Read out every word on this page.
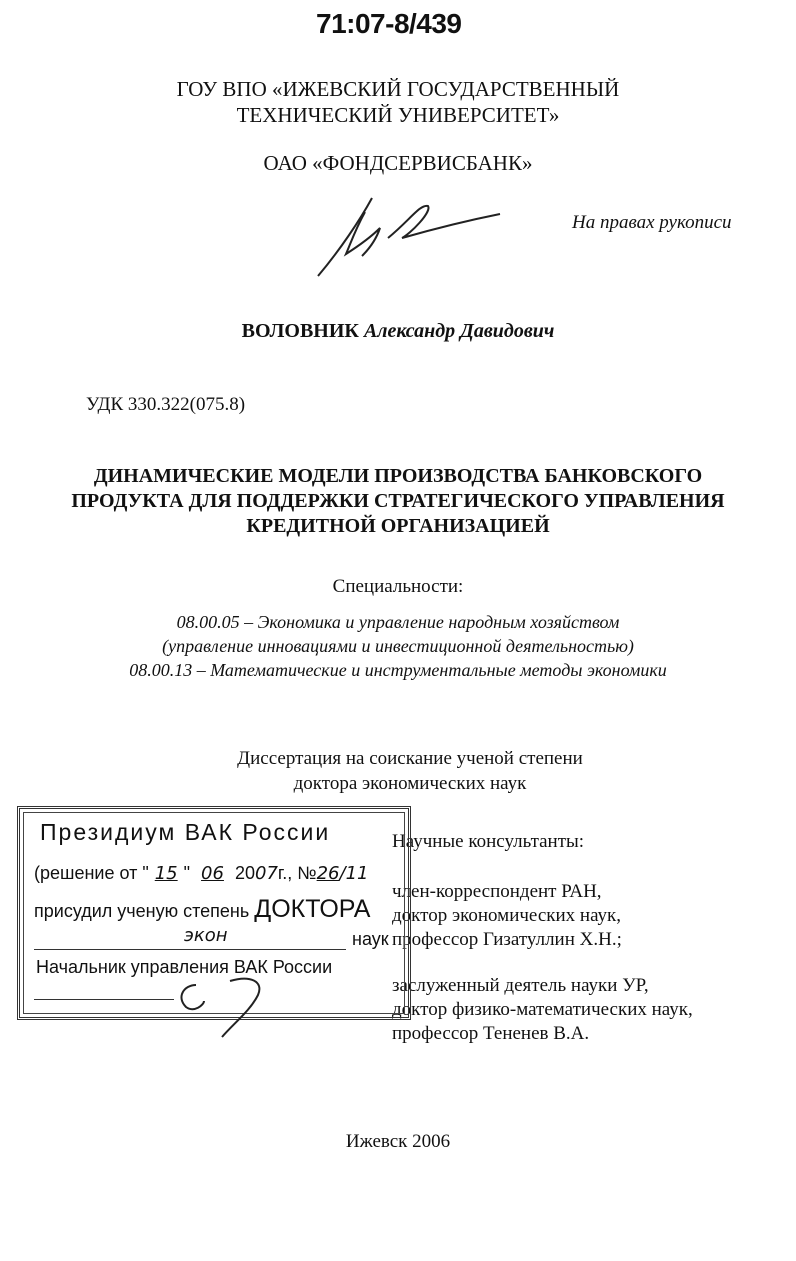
71:07-8/439
ГОУ ВПО «ИЖЕВСКИЙ ГОСУДАРСТВЕННЫЙ
ТЕХНИЧЕСКИЙ УНИВЕРСИТЕТ»
ОАО «ФОНДСЕРВИСБАНК»
На правах рукописи
ВОЛОВНИК Александр Давидович
УДК 330.322(075.8)
ДИНАМИЧЕСКИЕ МОДЕЛИ ПРОИЗВОДСТВА БАНКОВСКОГО
ПРОДУКТА ДЛЯ ПОДДЕРЖКИ СТРАТЕГИЧЕСКОГО УПРАВЛЕНИЯ
КРЕДИТНОЙ ОРГАНИЗАЦИЕЙ
Специальности:
08.00.05 – Экономика и управление народным хозяйством
(управление инновациями и инвестиционной деятельностью)
08.00.13 – Математические и инструментальные методы экономики
Диссертация на соискание ученой степени
доктора экономических наук
Научные консультанты:
член-корреспондент РАН,
доктор экономических наук,
профессор Гизатуллин Х.Н.;
заслуженный деятель науки УР,
доктор физико-математических наук,
профессор Тененев В.А.
Президиум ВАК России
(решение от " 15 " 06 2007г., №26/11
присудил ученую степень ДОКТОРА
экон	наук
Начальник управления ВАК России
Ижевск 2006
